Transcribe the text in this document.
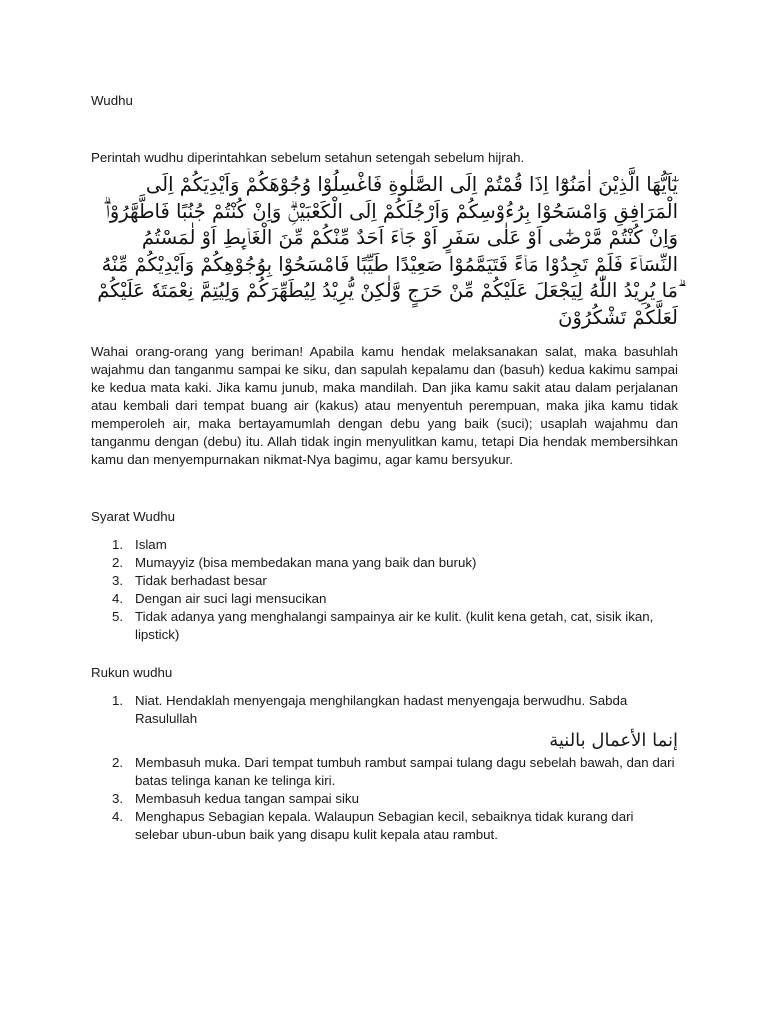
Wudhu
Perintah wudhu diperintahkan sebelum setahun setengah sebelum hijrah.
يٰٓاَيُّهَا الَّذِيْنَ اٰمَنُوْٓا اِذَا قُمْتُمْ اِلَى الصَّلٰوةِ فَاغْسِلُوْا وُجُوْهَكُمْ وَاَيْدِيَكُمْ اِلَى الْمَرَافِقِ وَامْسَحُوْا بِرُءُوْسِكُمْ وَاَرْجُلَكُمْ اِلَى الْكَعْبَيْنِۗ وَاِنْ كُنْتُمْ جُنُبًا فَاطَّهَّرُوْاۗ وَاِنْ كُنْتُمْ مَّرْضٰٓى اَوْ عَلٰى سَفَرٍ اَوْ جَاۤءَ اَحَدٌ مِّنْكُمْ مِّنَ الْغَاۤىِٕطِ اَوْ لٰمَسْتُمُ النِّسَاۤءَ فَلَمْ تَجِدُوْا مَاۤءً فَتَيَمَّمُوْا صَعِيْدًا طَيِّبًا فَامْسَحُوْا بِوُجُوْهِكُمْ وَاَيْدِيْكُمْ مِّنْهُ ۗمَا يُرِيْدُ اللّٰهُ لِيَجْعَلَ عَلَيْكُمْ مِّنْ حَرَجٍ وَّلٰكِنْ يُّرِيْدُ لِيُطَهِّرَكُمْ وَلِيُتِمَّ نِعْمَتَهٗ عَلَيْكُمْ لَعَلَّكُمْ تَشْكُرُوْنَ
Wahai orang-orang yang beriman! Apabila kamu hendak melaksanakan salat, maka basuhlah wajahmu dan tanganmu sampai ke siku, dan sapulah kepalamu dan (basuh) kedua kakimu sampai ke kedua mata kaki. Jika kamu junub, maka mandilah. Dan jika kamu sakit atau dalam perjalanan atau kembali dari tempat buang air (kakus) atau menyentuh perempuan, maka jika kamu tidak memperoleh air, maka bertayamumlah dengan debu yang baik (suci); usaplah wajahmu dan tanganmu dengan (debu) itu. Allah tidak ingin menyulitkan kamu, tetapi Dia hendak membersihkan kamu dan menyempurnakan nikmat-Nya bagimu, agar kamu bersyukur.
Syarat Wudhu
1. Islam
2. Mumayyiz (bisa membedakan mana yang baik dan buruk)
3. Tidak berhadast besar
4. Dengan air suci lagi mensucikan
5. Tidak adanya yang menghalangi sampainya air ke kulit. (kulit kena getah, cat, sisik ikan, lipstick)
Rukun wudhu
1. Niat. Hendaklah menyengaja menghilangkan hadast menyengaja berwudhu. Sabda Rasulullah
إنما الأعمال بالنية
2. Membasuh muka. Dari tempat tumbuh rambut sampai tulang dagu sebelah bawah, dan dari batas telinga kanan ke telinga kiri.
3. Membasuh kedua tangan sampai siku
4. Menghapus Sebagian kepala. Walaupun Sebagian kecil, sebaiknya tidak kurang dari selebar ubun-ubun baik yang disapu kulit kepala atau rambut.
